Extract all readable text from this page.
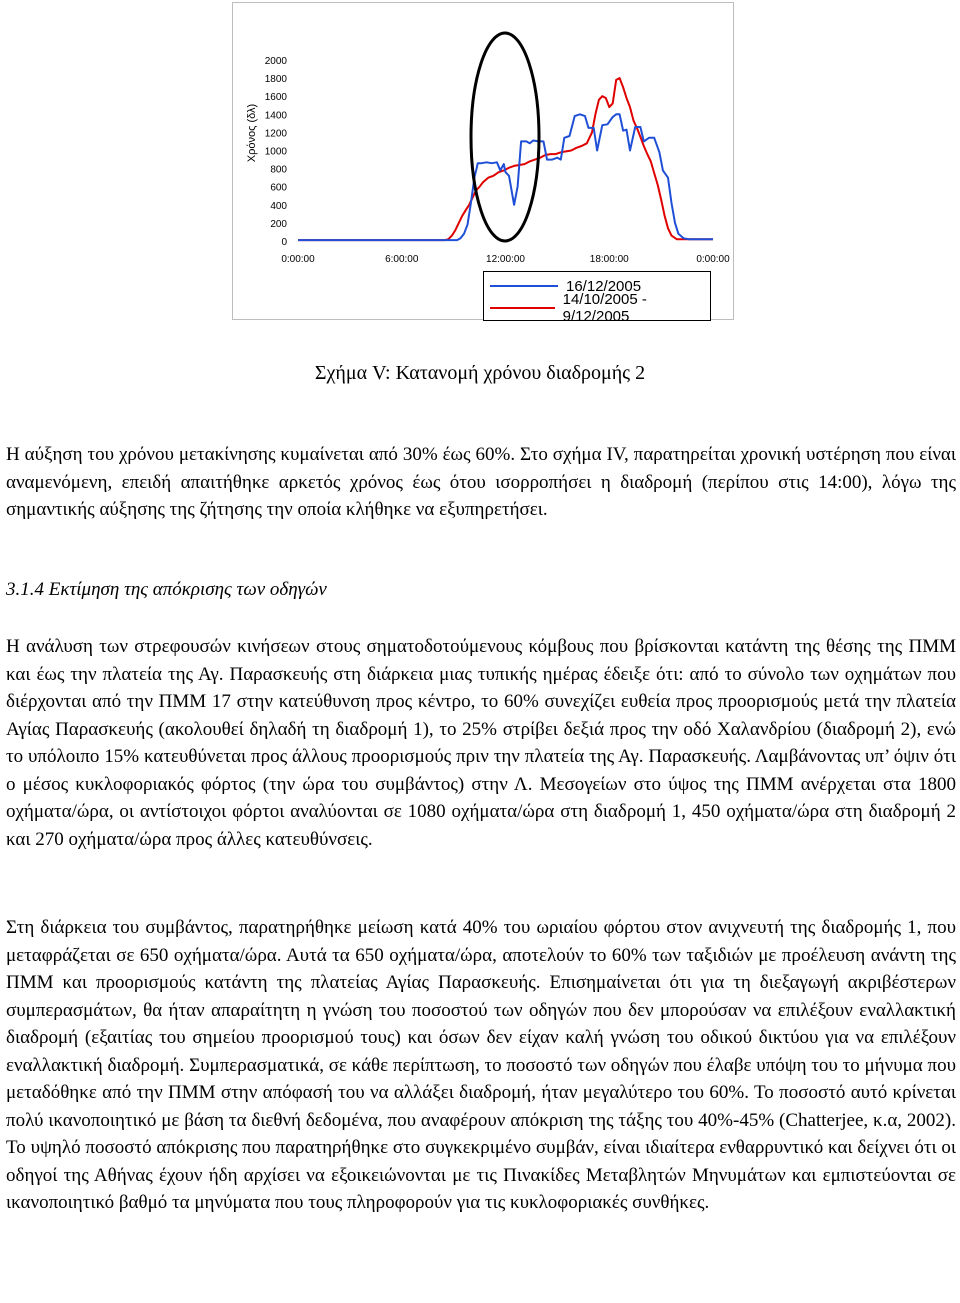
0
200
400
600
800
1000
1200
1400
1600
1800
2000
0:00:00	6:00:00	12:00:00	18:00:00	0:00:00
Χρόνος (δλ)
16/12/2005
14/10/2005 - 9/12/2005
Σχήμα V: Κατανομή χρόνου διαδρομής 2

Η αύξηση του χρόνου μετακίνησης κυμαίνεται από 30% έως 60%. Στο σχήμα IV, παρατηρείται χρονική υστέρηση που είναι αναμενόμενη, επειδή απαιτήθηκε αρκετός χρόνος έως ότου ισορροπήσει η διαδρομή (περίπου στις 14:00), λόγω της σημαντικής αύξησης της ζήτησης την οποία κλήθηκε να εξυπηρετήσει.

3.1.4 Εκτίμηση της απόκρισης των οδηγών

Η ανάλυση των στρεφουσών κινήσεων στους σηματοδοτούμενους κόμβους που βρίσκονται κατάντη της θέσης της ΠΜΜ και έως την πλατεία της Αγ. Παρασκευής στη διάρκεια μιας τυπικής ημέρας έδειξε ότι: από το σύνολο των οχημάτων που διέρχονται από την ΠΜΜ 17 στην κατεύθυνση προς κέντρο, το 60% συνεχίζει ευθεία προς προορισμούς μετά την πλατεία Αγίας Παρασκευής (ακολουθεί δηλαδή τη διαδρομή 1), το 25% στρίβει δεξιά προς την οδό Χαλανδρίου (διαδρομή 2), ενώ το υπόλοιπο 15% κατευθύνεται προς άλλους προορισμούς πριν την πλατεία της Αγ. Παρασκευής. Λαμβάνοντας υπ’ όψιν ότι ο μέσος κυκλοφοριακός φόρτος (την ώρα του συμβάντος) στην Λ. Μεσογείων στο ύψος της ΠΜΜ ανέρχεται στα 1800 οχήματα/ώρα, οι αντίστοιχοι φόρτοι αναλύονται σε 1080 οχήματα/ώρα στη διαδρομή 1, 450 οχήματα/ώρα στη διαδρομή 2 και 270 οχήματα/ώρα προς άλλες κατευθύνσεις.

Στη διάρκεια του συμβάντος, παρατηρήθηκε μείωση κατά 40% του ωριαίου φόρτου στον ανιχνευτή της διαδρομής 1, που μεταφράζεται σε 650 οχήματα/ώρα. Αυτά τα 650 οχήματα/ώρα, αποτελούν το 60% των ταξιδιών με προέλευση ανάντη της ΠΜΜ και προορισμούς κατάντη της πλατείας Αγίας Παρασκευής. Επισημαίνεται ότι για τη διεξαγωγή ακριβέστερων συμπερασμάτων, θα ήταν απαραίτητη η γνώση του ποσοστού των οδηγών που δεν μπορούσαν να επιλέξουν εναλλακτική διαδρομή (εξαιτίας του σημείου προορισμού τους) και όσων δεν είχαν καλή γνώση του οδικού δικτύου για να επιλέξουν εναλλακτική διαδρομή. Συμπερασματικά, σε κάθε περίπτωση, το ποσοστό των οδηγών που έλαβε υπόψη του το μήνυμα που μεταδόθηκε από την ΠΜΜ στην απόφασή του να αλλάξει διαδρομή, ήταν μεγαλύτερο του 60%. Το ποσοστό αυτό κρίνεται πολύ ικανοποιητικό με βάση τα διεθνή δεδομένα, που αναφέρουν απόκριση της τάξης του 40%-45% (Chatterjee, κ.α, 2002). Το υψηλό ποσοστό απόκρισης που παρατηρήθηκε στο συγκεκριμένο συμβάν, είναι ιδιαίτερα ενθαρρυντικό και δείχνει ότι οι οδηγοί της Αθήνας έχουν ήδη αρχίσει να εξοικειώνονται με τις Πινακίδες Μεταβλητών Μηνυμάτων και εμπιστεύονται σε ικανοποιητικό βαθμό τα μηνύματα που τους πληροφορούν για τις κυκλοφοριακές συνθήκες.
